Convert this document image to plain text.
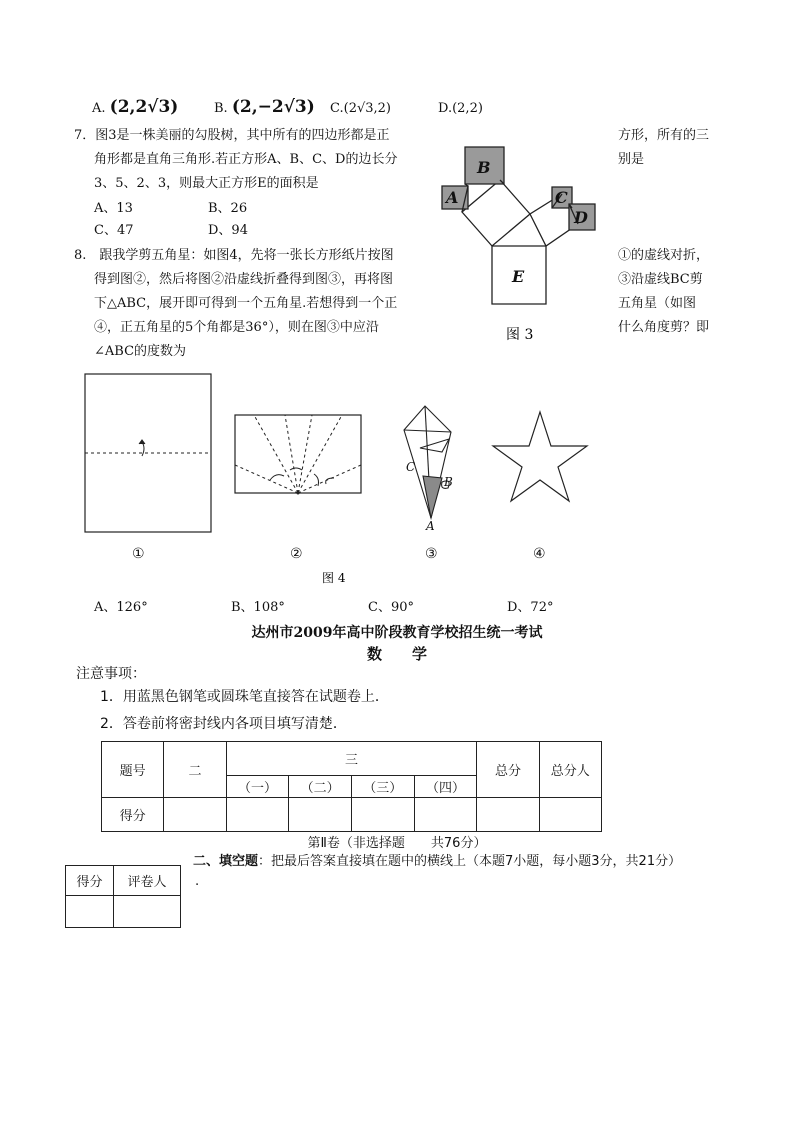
A. (2,2√3)	B. (2,−2√3) C.(2√3,2)	D.(2,2)
7．图3是一株美丽的勾股树，其中所有的四边形都是正	方形，所有的三
角形都是直角三角形.若正方形A、B、C、D的边长分	别是
3、5、2、3，则最大正方形E的面积是
A、13	B、26
C、47	D、94
A
B
C
D
E
图 3
8.　跟我学剪五角星：如图4，先将一张长方形纸片按图	①的虚线对折，
得到图②，然后将图②沿虚线折叠得到图③，再将图	③沿虚线BC剪
下△ABC，展开即可得到一个五角星.若想得到一个正	五角星（如图
④，正五角星的5个角都是36°），则在图③中应沿	什么角度剪？即
∠ABC的度数为
C
B
A
①	②	③	④
图 4
A、126°	B、108°	C、90°	D、72°
达州市2009年高中阶段教育学校招生统一考试
数　　学
注意事项：
1．用蓝黑色钢笔或圆珠笔直接答在试题卷上．
2．答卷前将密封线内各项目填写清楚．
题号	二	三				总分	总分人
		（一）	（二）	（三）	（四）		
得分							
第Ⅱ卷（非选择题　　共76分）
得分	评卷人

二、填空题：把最后答案直接填在题中的横线上（本题7小题，每小题3分，共21分）
.
